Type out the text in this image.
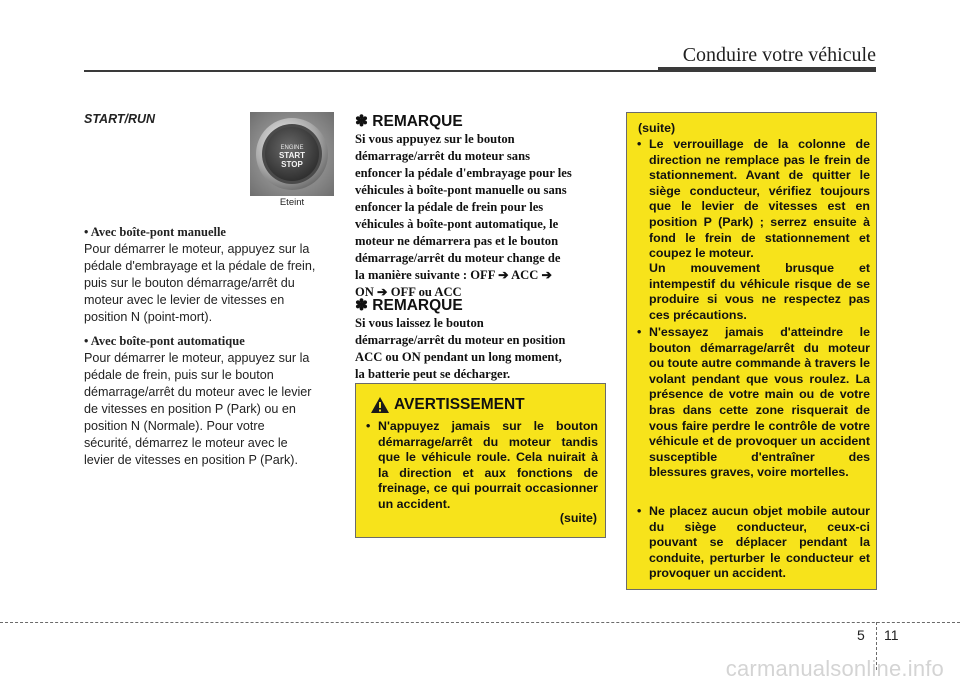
Conduire votre véhicule
START/RUN
ENGINE
START
STOP
Eteint
• Avec boîte-pont manuelle
Pour démarrer le moteur, appuyez sur la
pédale d'embrayage et la pédale de frein,
puis sur le bouton démarrage/arrêt du
moteur avec le levier de vitesses en
position N (point-mort).
• Avec boîte-pont automatique
Pour démarrer le moteur, appuyez sur la
pédale de frein, puis sur le bouton
démarrage/arrêt du moteur avec le levier
de vitesses en position P (Park) ou en
position N (Normale). Pour votre
sécurité, démarrez le moteur avec le
levier de vitesses en position P (Park).
✽ REMARQUE
Si vous appuyez sur le bouton
démarrage/arrêt du moteur sans
enfoncer la pédale d'embrayage pour les
véhicules à boîte-pont manuelle ou sans
enfoncer la pédale de frein pour les
véhicules à boîte-pont automatique, le
moteur ne démarrera pas et le bouton
démarrage/arrêt du moteur change de
la manière suivante : OFF ➔ ACC ➔
ON ➔ OFF ou ACC
✽ REMARQUE
Si vous laissez le bouton
démarrage/arrêt du moteur en position
ACC ou ON pendant un long moment,
la batterie peut se décharger.
AVERTISSEMENT
• N'appuyez jamais sur le bouton démarrage/arrêt du moteur tandis que le véhicule roule. Cela nuirait à la direction et aux fonctions de freinage, ce qui pourrait occasionner un accident.
(suite)
(suite)
• Le verrouillage de la colonne de direction ne remplace pas le frein de stationnement. Avant de quitter le siège conducteur, vérifiez toujours que le levier de vitesses est en position P (Park) ; serrez ensuite à fond le frein de stationnement et coupez le moteur.
Un mouvement brusque et intempestif du véhicule risque de se produire si vous ne respectez pas ces précautions.
• N'essayez jamais d'atteindre le bouton démarrage/arrêt du moteur ou toute autre commande à travers le volant pendant que vous roulez. La présence de votre main ou de votre bras dans cette zone risquerait de vous faire perdre le contrôle de votre véhicule et de provoquer un accident susceptible d'entraîner des blessures graves, voire mortelles.
• Ne placez aucun objet mobile autour du siège conducteur, ceux-ci pouvant se déplacer pendant la conduite, perturber le conducteur et provoquer un accident.
5 11
carmanualsonline.info
